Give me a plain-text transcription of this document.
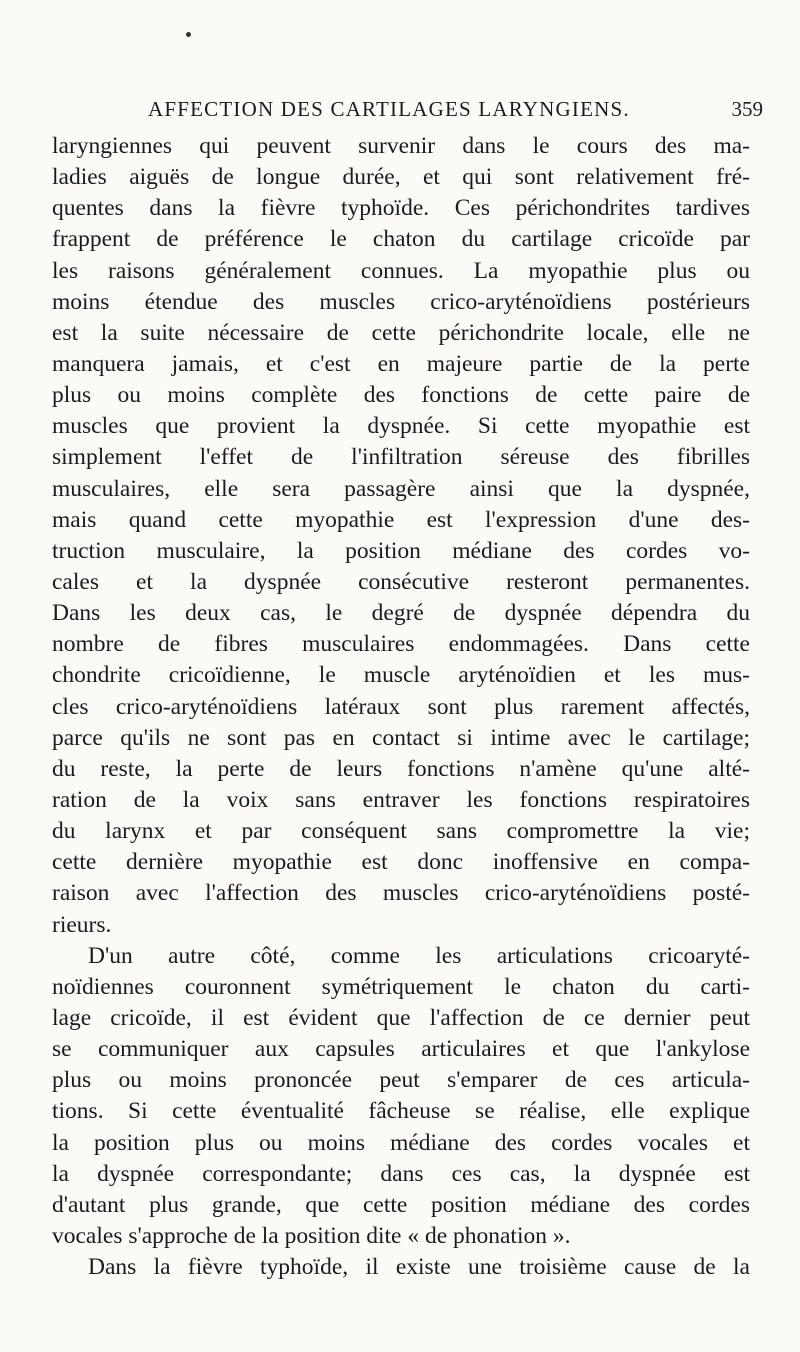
AFFECTION DES CARTILAGES LARYNGIENS.	359
laryngiennes qui peuvent survenir dans le cours des ma-
ladies aiguës de longue durée, et qui sont relativement fré-
quentes dans la fièvre typhoïde. Ces périchondrites tardives
frappent de préférence le chaton du cartilage cricoïde par
les raisons généralement connues. La myopathie plus ou
moins étendue des muscles crico-aryténoïdiens postérieurs
est la suite nécessaire de cette périchondrite locale, elle ne
manquera jamais, et c'est en majeure partie de la perte
plus ou moins complète des fonctions de cette paire de
muscles que provient la dyspnée. Si cette myopathie est
simplement l'effet de l'infiltration séreuse des fibrilles
musculaires, elle sera passagère ainsi que la dyspnée,
mais quand cette myopathie est l'expression d'une des-
truction musculaire, la position médiane des cordes vo-
cales et la dyspnée consécutive resteront permanentes.
Dans les deux cas, le degré de dyspnée dépendra du
nombre de fibres musculaires endommagées. Dans cette
chondrite cricoïdienne, le muscle aryténoïdien et les mus-
cles crico-aryténoïdiens latéraux sont plus rarement affectés,
parce qu'ils ne sont pas en contact si intime avec le cartilage;
du reste, la perte de leurs fonctions n'amène qu'une alté-
ration de la voix sans entraver les fonctions respiratoires
du larynx et par conséquent sans compromettre la vie;
cette dernière myopathie est donc inoffensive en compa-
raison avec l'affection des muscles crico-aryténoïdiens posté-
rieurs.
D'un autre côté, comme les articulations cricoaryté-
noïdiennes couronnent symétriquement le chaton du carti-
lage cricoïde, il est évident que l'affection de ce dernier peut
se communiquer aux capsules articulaires et que l'ankylose
plus ou moins prononcée peut s'emparer de ces articula-
tions. Si cette éventualité fâcheuse se réalise, elle explique
la position plus ou moins médiane des cordes vocales et
la dyspnée correspondante; dans ces cas, la dyspnée est
d'autant plus grande, que cette position médiane des cordes
vocales s'approche de la position dite « de phonation ».
Dans la fièvre typhoïde, il existe une troisième cause de la
